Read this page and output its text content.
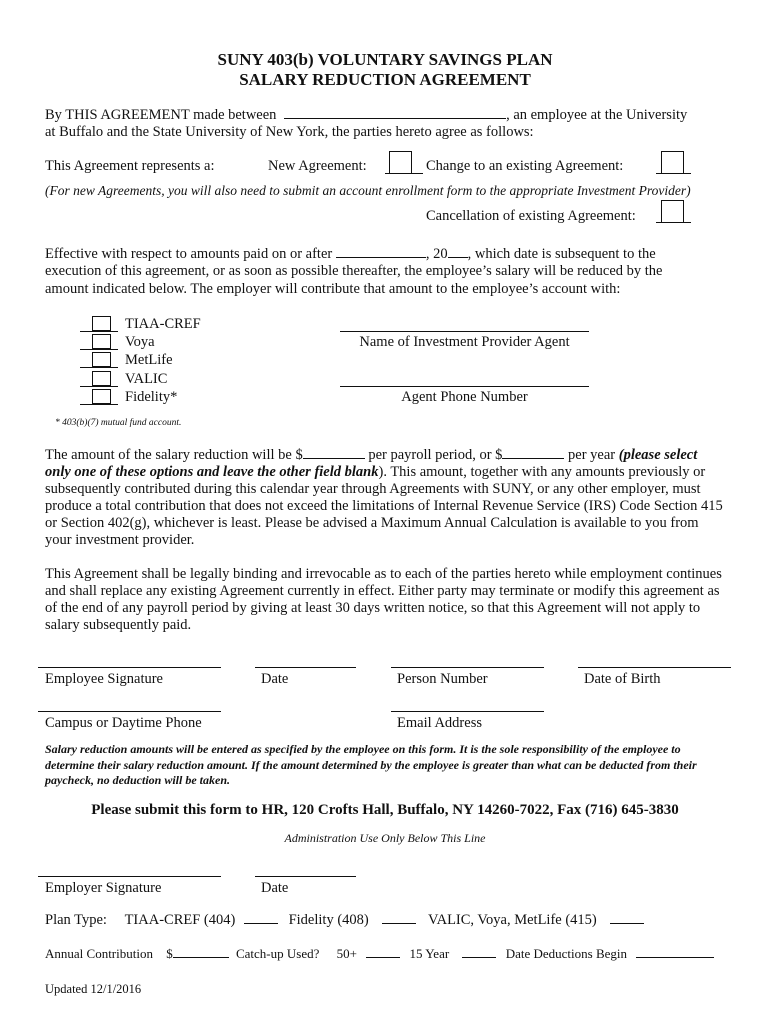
SUNY 403(b) VOLUNTARY SAVINGS PLAN
SALARY REDUCTION AGREEMENT
By THIS AGREEMENT made between	, an employee at the University
at Buffalo and the State University of New York, the parties hereto agree as follows:
This Agreement represents a:	New Agreement:	Change to an existing Agreement:
(For new Agreements, you will also need to submit an account enrollment form to the appropriate Investment Provider)
Cancellation of existing Agreement:
Effective with respect to amounts paid on or after	, 20 , which date is subsequent to the
execution of this agreement, or as soon as possible thereafter, the employee’s salary will be reduced by the
amount indicated below. The employer will contribute that amount to the employee’s account with:
TIAA-CREF
Voya
MetLife
VALIC
Fidelity*
Name of Investment Provider Agent
Agent Phone Number
* 403(b)(7) mutual fund account.
The amount of the salary reduction will be $	per payroll period, or $	per year (please select only one of these options and leave the other field blank). This amount, together with any amounts previously or subsequently contributed during this calendar year through Agreements with SUNY, or any other employer, must produce a total contribution that does not exceed the limitations of Internal Revenue Service (IRS) Code Section 415 or Section 402(g), whichever is least. Please be advised a Maximum Annual Calculation is available to you from your investment provider.
This Agreement shall be legally binding and irrevocable as to each of the parties hereto while employment continues and shall replace any existing Agreement currently in effect. Either party may terminate or modify this agreement as of the end of any payroll period by giving at least 30 days written notice, so that this Agreement will not apply to salary subsequently paid.
Employee Signature	Date	Person Number	Date of Birth
Campus or Daytime Phone	Email Address
Salary reduction amounts will be entered as specified by the employee on this form. It is the sole responsibility of the employee to determine their salary reduction amount. If the amount determined by the employee is greater than what can be deducted from their paycheck, no deduction will be taken.
Please submit this form to HR, 120 Crofts Hall, Buffalo, NY 14260-7022, Fax (716) 645-3830
Administration Use Only Below This Line
Employer Signature	Date
Plan Type: TIAA-CREF (404)	Fidelity (408)	VALIC, Voya, MetLife (415)
Annual Contribution $	Catch-up Used? 50+	15 Year	Date Deductions Begin
Updated 12/1/2016
